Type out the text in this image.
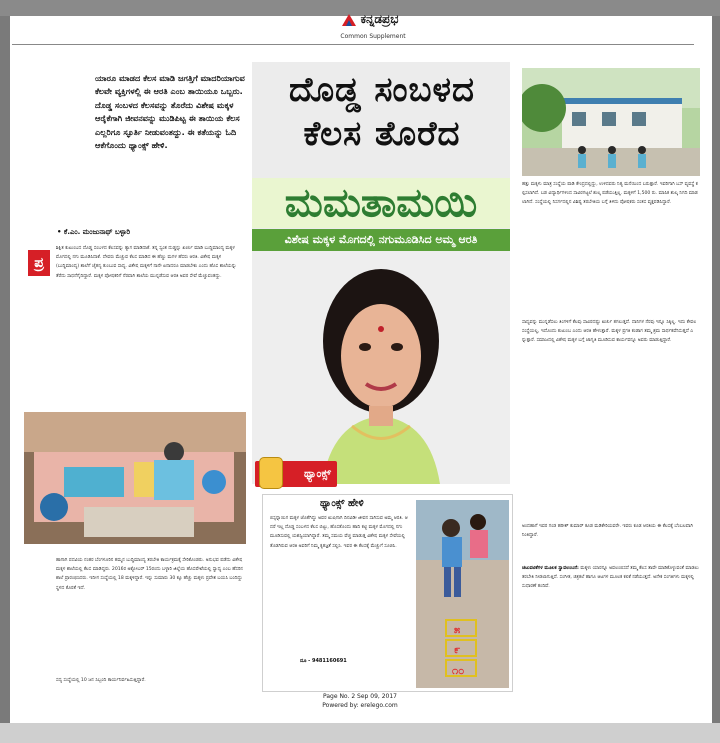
ಕನ್ನಡಪ್ರಭ
Common Supplement
ಯಾರೂ ಮಾಡದ ಕೆಲಸ ಮಾಡಿ ಜಗತ್ತಿಗೆ ಮಾದರಿಯಾಗುವ ಕೆಲವೇ ವ್ಯಕ್ತಿಗಳಲ್ಲಿ ಈ ಆರತಿ ಎಂಬ ತಾಯಿಯೂ ಒಬ್ಬರು. ದೊಡ್ಡ ಸಂಬಳದ ಕೆಲಸವನ್ನು ತೊರೆದು ವಿಶೇಷ ಮಕ್ಕಳ ಆರೈಕೆಗಾಗಿ ಜೀವನವನ್ನು ಮುಡಿಪಿಟ್ಟ ಈ ತಾಯಿಯ ಕೆಲಸ ಎಲ್ಲರಿಗೂ ಸ್ಫೂರ್ತಿ ನೀಡುವಂತದ್ದು. ಈ ಕತೆಯನ್ನು ಓದಿ ಆಕೆಗೊಂದು ಥ್ಯಾಂಕ್ಸ್ ಹೇಳಿ.
• ಕೆ.ಎಂ. ಮಂಜುನಾಥ್ ಬಳ್ಳಾರಿ
ಪ್ರ
ಶಿಕ್ಷಿತ ಕುಟುಂಬದ ದೊಡ್ಡ ಸಂಬಳದ ಕೆಲಸವನ್ನು ತ್ಯಾಗ ಮಾಡಿದಾಕೆ. ತನ್ನ ಸ್ವಂತ ದುಡ್ಡನ್ನು ಖರ್ಚು ಮಾಡಿ ಬುದ್ಧಿಮಾಂದ್ಯ ಮಕ್ಕಳ ಮೊಗದಲ್ಲಿ ನಗು ಮೂಡಿಸಿದಾಕೆ. ದೇವರು ಮೆಚ್ಚುವ ಕೆಲಸ ಮಾಡಿದ ಈ ಹೆಣ್ಣು ಮಗಳ ಹೆಸರು ಆರತಿ. ವಿಶೇಷ ಮಕ್ಕಳ (ಬುದ್ಧಿಮಾಂದ್ಯ) ಶಾಲೆಗೆ ಚೈತನ್ಯ ತುಂಬುವ ಸಾಧ್ಯ. ವಿಶೇಷ ಮಕ್ಕಳಿಗೆ ನಾನೇ ಏನಾದರೂ ಮಾಡಬೇಕು ಎಂದು ಹೊಸ ಶಾಲೆಯನ್ನು ತೆರೆದು ಸಾಧನೆಗೈದಿದ್ದಾರೆ. ಮಕ್ಕಳ ಪೋಷಕರಿಗೆ ನೆರವಾಗಿ ಶಾಲೆಯ ಮುನ್ನಡೆಸುವ ಆರತಿ ಅವರ ಸೇವೆ ಮೆಚ್ಚುವಂತದ್ದು.
ಹಾಗಾಗಿ ಪದವಿಯ ನಂತರ ಬೆಂಗಳೂರಿನ ತಮ್ಮನ ಬುದ್ಧಿಮಾಂದ್ಯ ತರಬೇತಿ ಕಾರ್ಯಕ್ರಮಕ್ಕೆ ಸೇರಿಕೊಂಡರು. ಅನುಭವ ಪಡೆದು ವಿಶೇಷ ಮಕ್ಕಳ ಶಾಲೆಯಲ್ಲಿ ಕೆಲಸ ಮಾಡಿದ್ದರು. 2016ರ ಅಕ್ಟೋಬರ್ 15ರಂದು ಬಳ್ಳಾರಿ ಜಿಲ್ಲೆಯ ಹೊಸಪೇಟೆಯಲ್ಲಿ ಸ್ವಾಧ್ಯ ಎಂಬ ಹೆಸರಿನ ಶಾಲೆ ಪ್ರಾರಂಭಿಸಿದರು. ಇದೀಗ ಸಂಸ್ಥೆಯಲ್ಲಿ 18 ಮಕ್ಕಳಿದ್ದಾರೆ. ಇನ್ನು ಸುಮಾರು 30 ಕ್ಕೂ ಹೆಚ್ಚು ಮಕ್ಕಳು ಪ್ರವೇಶ ಬಯಸಿ ಬಂದಿದ್ದು ಸ್ಥಳದ ಕೊರತೆ ಇದೆ.
ಸದ್ಯ ಸಂಸ್ಥೆಯಲ್ಲಿ 10 ಜನ ಸಿಬ್ಬಂದಿ ಕಾರ್ಯನಿರ್ವಹಿಸುತ್ತಿದ್ದಾರೆ.
ದೊಡ್ಡ ಸಂಬಳದ
ಕೆಲಸ ತೊರೆದ
ಮಮತಾಮಯಿ
ವಿಶೇಷ ಮಕ್ಕಳ ಮೊಗದಲ್ಲಿ ನಗುಮೂಡಿಸಿದ ಅಮ್ಮ ಆರತಿ
ಥ್ಯಾಂಕ್ಸ್
ಥ್ಯಾಂಕ್ಸ್ ಹೇಳಿ
ಬಿಸ್ಸನ್ನಾಯಿಗ ಮಕ್ಕಳ ಜೊತೆಗಿದ್ದು ಅವರ ಖುಷಿಗಾಗಿ ದಿನವಿಡೀ ಜೀವನ ಸಾಗಿಸುವ ಅಮ್ಮ ಆರತಿ. ಆದರೆ ಇಲ್ಲ ದೊಡ್ಡ ಸಂಬಳದ ಕೆಲಸ ಬಿಟ್ಟು, ಹೊಸತೊಂದು ಹಾದಿ ಕಟ್ಟಿ ಮಕ್ಕಳ ಮೊಗದಲ್ಲಿ ನಗು ಮೂಡಿಸುವಲ್ಲಿ ಯಶಸ್ವಿಯಾಗಿದ್ದಾರೆ. ತಮ್ಮ ಸಮಯ ವೆಚ್ಚ ಮಾಡುತ್ತ ವಿಶೇಷ ಮಕ್ಕಳ ಸೇವೆಯಲ್ಲಿ ತೊಡಗಿರುವ ಆರತಿ ಅವರಿಗೆ ನಿಮ್ಮ ಕೃತಜ್ಞತೆ ಸಲ್ಲಿಸಿ. ಇವರ ಈ ಕೆಲಸಕ್ಕೆ ಮೆಚ್ಚುಗೆ ಸೂಚಿಸಿ.
ದೂ - 9481160691
೫
೯
೧೦
Page No. 2 Sep 09, 2017
Powered by: erelego.com
ಹತ್ತು ಮಕ್ಕಳು ಮಾತ್ರ ಸಂಸ್ಥೆಯ ಪಾಡಿ ಕೇಂದ್ರದಲ್ಲಿದ್ದು, ಉಳಿದವರು ನಿತ್ಯ ಮನೆಯಿಂದ ಬರುತ್ತಾರೆ. ಇವರಿಗಾಗಿ ಬಸ್ ವ್ಯವಸ್ಥೆ ಕಲ್ಪಿಸಲಾಗಿದೆ. ಬಡ ವಿದ್ಯಾರ್ಥಿಗಳಿಂದ ಸಾವಿರಗಟ್ಟಲೆ ಶುಲ್ಕ ಪಡೆಯುತ್ತಿಲ್ಲ. ಮಕ್ಕಳಿಗೆ 1,500 ರು. ಮಾಸಿಕ ಶುಲ್ಕ ನಿಗದಿ ಮಾಡಲಾಗಿದೆ. ಸಂಸ್ಥೆಯಲ್ಲಿ ನಿಸರ್ಗದಲ್ಲಿನ ವಿಶಿಷ್ಟ ತರಬೇತಿಯ ಬಗ್ಗೆ ತಿಳಿದು ಪೋಷಕರು ಸಂತಸ ವ್ಯಕ್ತಪಡಿಸಿದ್ದಾರೆ.
ಸಾಧ್ಯವನ್ನು ಮುನ್ನಡೆಸಲು ತಿಂಗಳಿಗೆ ಕೆಲವು ಸಾವಿರದಷ್ಟು ಖರ್ಚು ತಗಲುತ್ತದೆ. ದಾನಿಗಳ ನೆರವು ಇನ್ನೂ ಸಿಕ್ಕಿಲ್ಲ. ಇದು ಕೇವಲ ಸಂಸ್ಥೆಯಲ್ಲ, ಇದೊಂದು ಕುಟುಂಬ ಎಂದು ಆರತಿ ಹೇಳುತ್ತಾರೆ. ಮಕ್ಕಳ ಪ್ರಗತಿ ಕಂಡಾಗ ತಮ್ಮ ಶ್ರಮ ಸಾರ್ಥಕವೆನಿಸುತ್ತದೆ ಎನ್ನುತ್ತಾರೆ. ಸಮಾಜದಲ್ಲಿ ವಿಶೇಷ ಮಕ್ಕಳ ಬಗ್ಗೆ ಜಾಗೃತಿ ಮೂಡಿಸುವ ಕಾರ್ಯವನ್ನೂ ಅವರು ಮಾಡುತ್ತಿದ್ದಾರೆ.
ಅಂದಹಾಗೆ ಇವರ ಗಂಡ ಹರೀಶ್ ಕುಮಾರ್ ಕೂಡ ಮಡಿಕೇರಿಯವರೇ. ಇವರು ಕೂಡ ಆರತಿಯ ಈ ಕೆಲಸಕ್ಕೆ ಬೆಂಬಲವಾಗಿ ನಿಂತಿದ್ದಾರೆ.
ಚಟುವಟಿಕೆಗಳ ಮೂಲಕ ಸ್ವಾವಲಂಬನೆ: ಮಕ್ಕಳು ಯಾರನ್ನೂ ಅವಲಂಬಿಸದೆ ತಮ್ಮ ಕೆಲಸ ತಾವೇ ಮಾಡಿಕೊಳ್ಳುವಂತೆ ಮಾಡಲು ತರಬೇತಿ ನೀಡಲಾಗುತ್ತಿದೆ. ಸಂಗೀತ, ಚಿತ್ರಕಲೆ ಹಾಗೂ ಆಟಗಳ ಮೂಲಕ ಕಲಿಕೆ ನಡೆಯುತ್ತದೆ. ಅನೇಕ ಸಂಗತಿಗಳು ಮಕ್ಕಳಲ್ಲಿ ಸುಧಾರಣೆ ತಂದಿವೆ.
